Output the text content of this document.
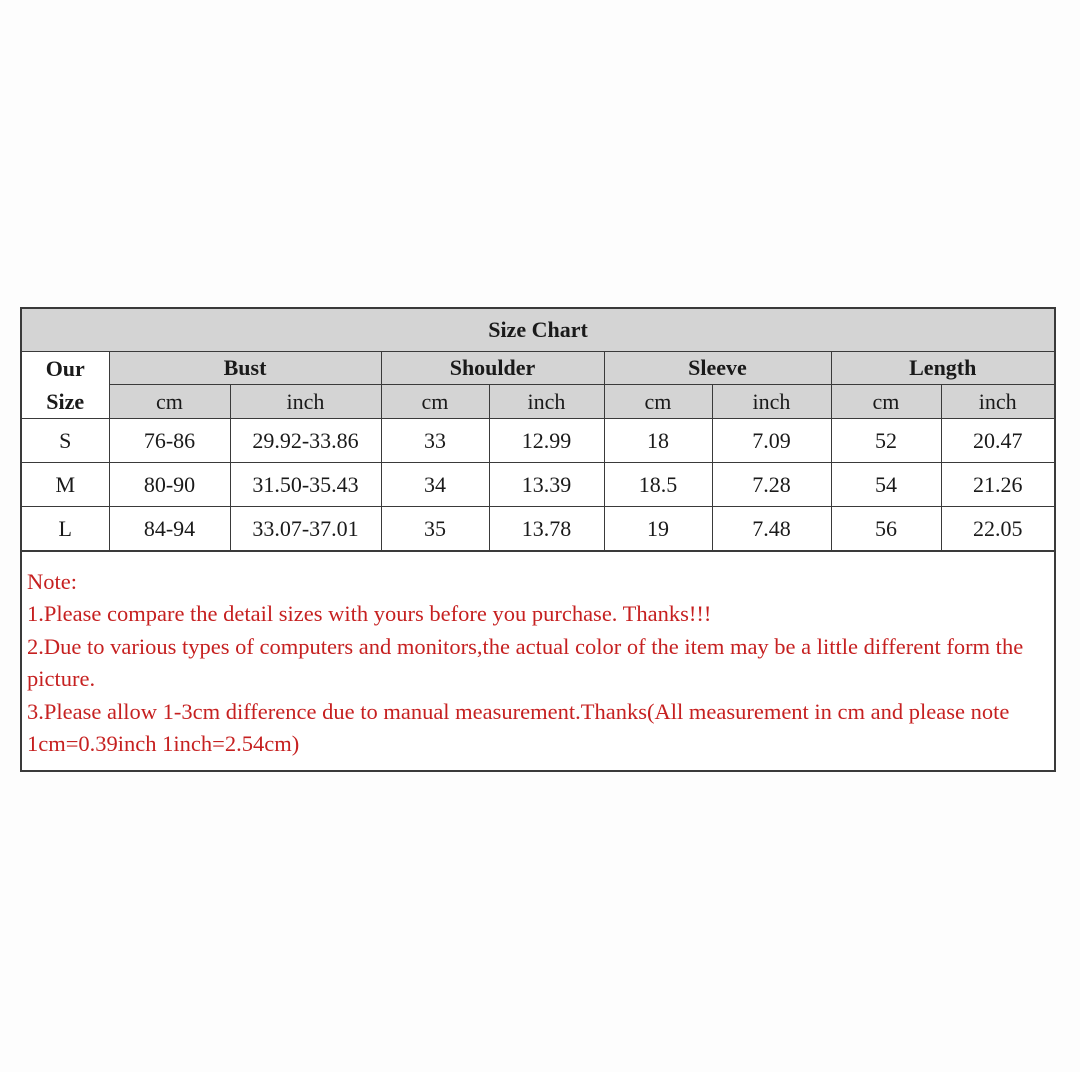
Size Chart								

Our
Size	Bust		Shoulder		Sleeve		Length	
	cm	inch	cm	inch	cm	inch	cm	inch
S	76-86	29.92-33.86	33	12.99	18	7.09	52	20.47
M	80-90	31.50-35.43	34	13.39	18.5	7.28	54	21.26
L	84-94	33.07-37.01	35	13.78	19	7.48	56	22.05
Note:
1.Please compare the detail sizes with yours before you purchase. Thanks!!!
2.Due to various types of computers and monitors,the actual color of the item may be a little different form the picture.
3.Please allow 1-3cm difference due to manual measurement.Thanks(All measurement in cm and please note 1cm=0.39inch 1inch=2.54cm)
